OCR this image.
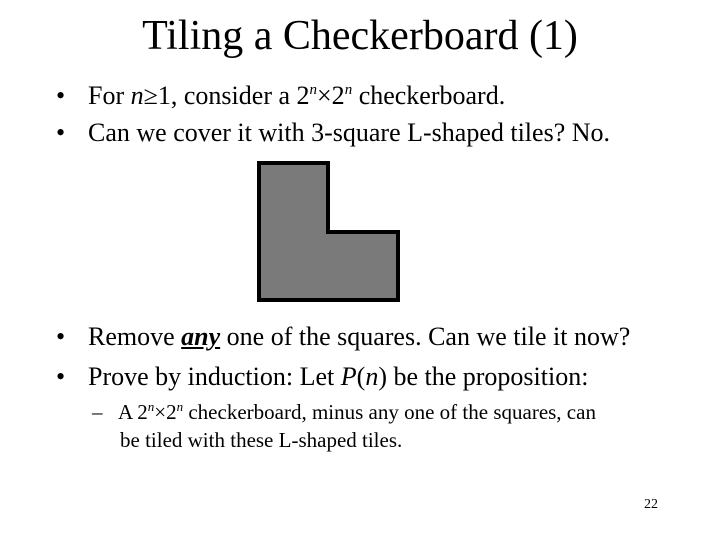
Tiling a Checkerboard (1)
• For n≥1, consider a $2^n\times 2^n$ checkerboard.
• Can we cover it with 3-square L-shaped tiles? No.
• Remove any one of the squares. Can we tile it now?
• Prove by induction: Let P(n) be the proposition:
– A $2^n\times 2^n$ checkerboard, minus any one of the squares, can
be tiled with these L-shaped tiles.
22
